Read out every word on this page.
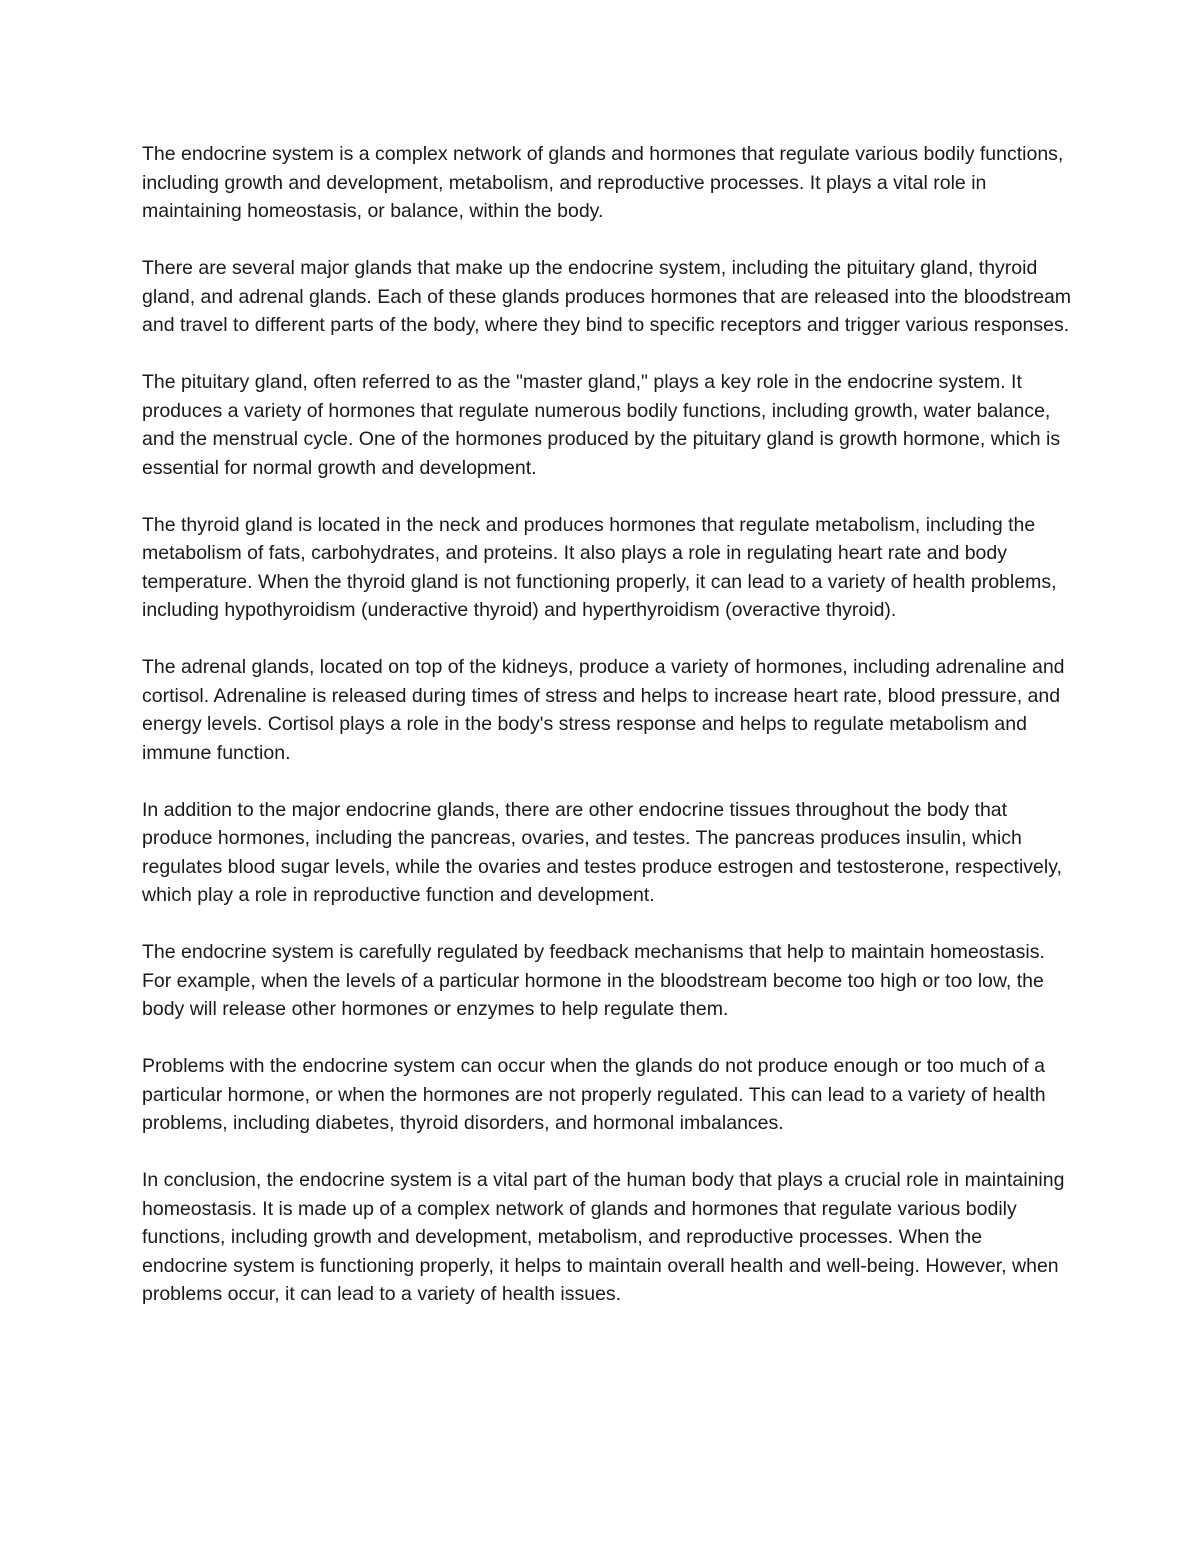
The endocrine system is a complex network of glands and hormones that regulate various bodily functions, including growth and development, metabolism, and reproductive processes. It plays a vital role in maintaining homeostasis, or balance, within the body.

There are several major glands that make up the endocrine system, including the pituitary gland, thyroid gland, and adrenal glands. Each of these glands produces hormones that are released into the bloodstream and travel to different parts of the body, where they bind to specific receptors and trigger various responses.

The pituitary gland, often referred to as the "master gland," plays a key role in the endocrine system. It produces a variety of hormones that regulate numerous bodily functions, including growth, water balance, and the menstrual cycle. One of the hormones produced by the pituitary gland is growth hormone, which is essential for normal growth and development.

The thyroid gland is located in the neck and produces hormones that regulate metabolism, including the metabolism of fats, carbohydrates, and proteins. It also plays a role in regulating heart rate and body temperature. When the thyroid gland is not functioning properly, it can lead to a variety of health problems, including hypothyroidism (underactive thyroid) and hyperthyroidism (overactive thyroid).

The adrenal glands, located on top of the kidneys, produce a variety of hormones, including adrenaline and cortisol. Adrenaline is released during times of stress and helps to increase heart rate, blood pressure, and energy levels. Cortisol plays a role in the body's stress response and helps to regulate metabolism and immune function.

In addition to the major endocrine glands, there are other endocrine tissues throughout the body that produce hormones, including the pancreas, ovaries, and testes. The pancreas produces insulin, which regulates blood sugar levels, while the ovaries and testes produce estrogen and testosterone, respectively, which play a role in reproductive function and development.

The endocrine system is carefully regulated by feedback mechanisms that help to maintain homeostasis. For example, when the levels of a particular hormone in the bloodstream become too high or too low, the body will release other hormones or enzymes to help regulate them.

Problems with the endocrine system can occur when the glands do not produce enough or too much of a particular hormone, or when the hormones are not properly regulated. This can lead to a variety of health problems, including diabetes, thyroid disorders, and hormonal imbalances.

In conclusion, the endocrine system is a vital part of the human body that plays a crucial role in maintaining homeostasis. It is made up of a complex network of glands and hormones that regulate various bodily functions, including growth and development, metabolism, and reproductive processes. When the endocrine system is functioning properly, it helps to maintain overall health and well-being. However, when problems occur, it can lead to a variety of health issues.
